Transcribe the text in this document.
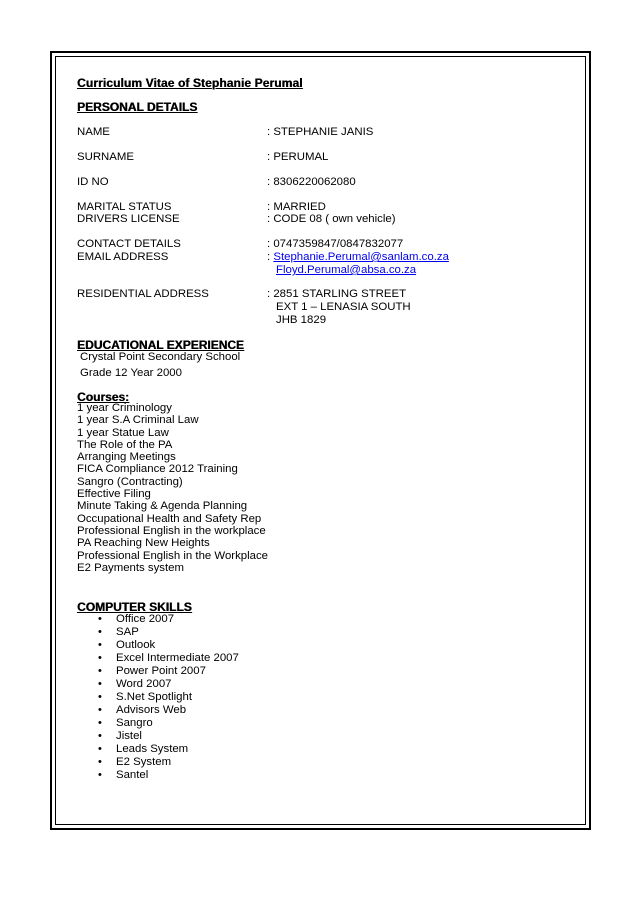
Curriculum Vitae of Stephanie Perumal
PERSONAL DETAILS
NAME	: STEPHANIE JANIS
SURNAME	: PERUMAL
ID NO	: 8306220062080
MARITAL STATUS	: MARRIED
DRIVERS LICENSE	: CODE 08 ( own vehicle)
CONTACT DETAILS	: 0747359847/0847832077
EMAIL ADDRESS	: Stephanie.Perumal@sanlam.co.za
Floyd.Perumal@absa.co.za
RESIDENTIAL ADDRESS	: 2851 STARLING STREET
EXT 1 – LENASIA SOUTH
JHB 1829
EDUCATIONAL EXPERIENCE
Crystal Point Secondary School
Grade 12 Year 2000
Courses:
1 year Criminology
1 year S.A Criminal Law
1 year Statue Law
The Role of the PA
Arranging Meetings
FICA Compliance 2012 Training
Sangro (Contracting)
Effective Filing
Minute Taking & Agenda Planning
Occupational Health and Safety Rep
Professional English in the workplace
PA Reaching New Heights
Professional English in the Workplace
E2 Payments system
COMPUTER SKILLS
• Office 2007
• SAP
• Outlook
• Excel Intermediate 2007
• Power Point 2007
• Word 2007
• S.Net Spotlight
• Advisors Web
• Sangro
• Jistel
• Leads System
• E2 System
• Santel
